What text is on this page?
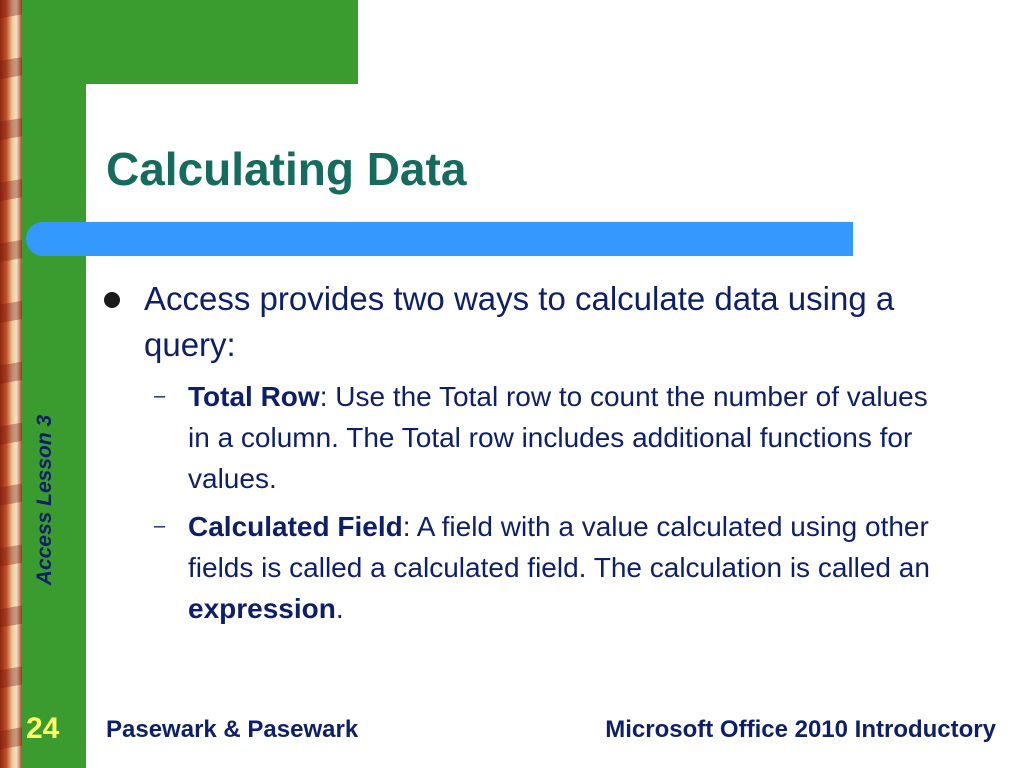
Calculating Data
Access Lesson 3

Access provides two ways to calculate data using a query:

– Total Row: Use the Total row to count the number of values in a column. The Total row includes additional functions for values.

– Calculated Field: A field with a value calculated using other fields is called a calculated field. The calculation is called an expression.

24 Pasewark & Pasewark	Microsoft Office 2010 Introductory
